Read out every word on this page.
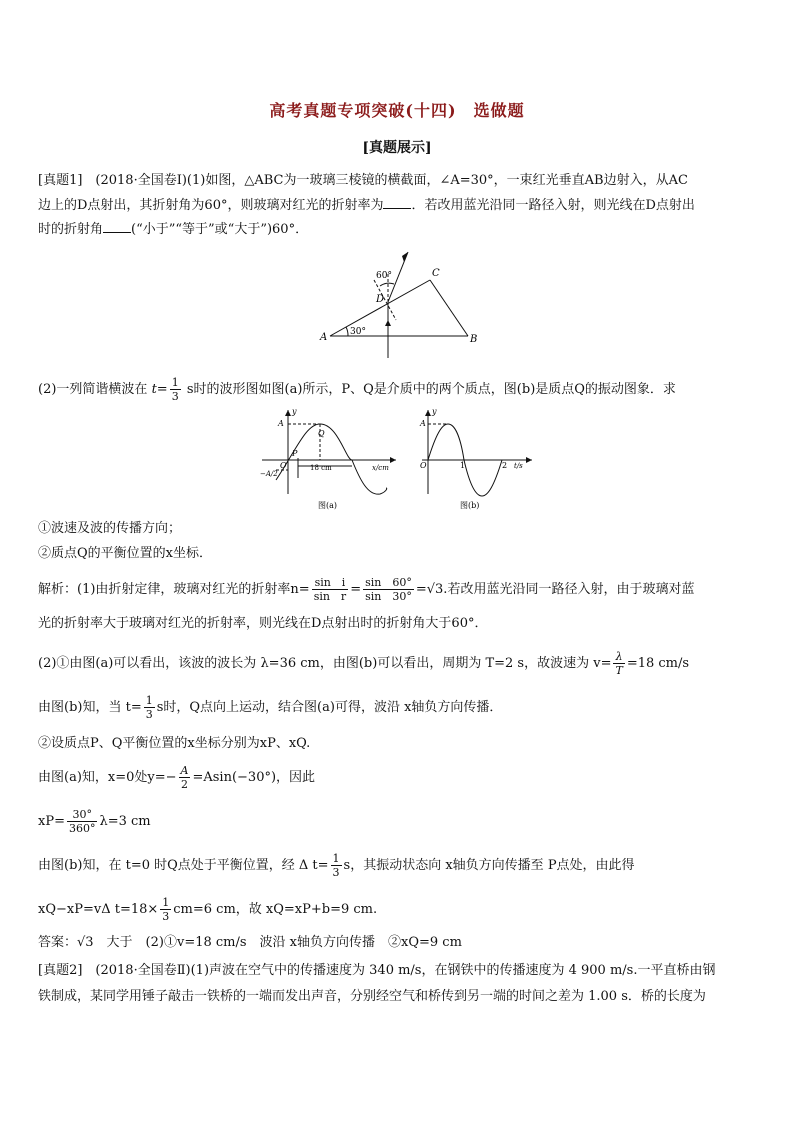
高考真题专项突破(十四)　选做题
[真题展示]
[真题1]　(2018·全国卷Ⅰ)(1)如图，△ABC为一玻璃三棱镜的横截面，∠A=30°，一束红光垂直AB边射入，从AC
边上的D点射出，其折射角为60°，则玻璃对红光的折射率为 ．若改用蓝光沿同一路径入射，则光线在D点射出
时的折射角 (“小于”“等于”或“大于”)60°．
60°
30°
A	B
C
D
(2)一列简谐横波在 $t= \frac{1}{3}$ s时的波形图如图(a)所示，P、Q是介质中的两个质点，图(b)是质点Q的振动图象．求
y
A
−A/2
O
P
Q
18 cm	x/cm
图(a)
y
A
O	1	2 t/s
图(b)
①波速及波的传播方向；
②质点Q的平衡位置的x坐标．
解析：(1)由折射定律，玻璃对红光的折射率$n= \frac{\text{sin　i}}{\text{sin　r}} = \frac{\sin 60^\circ}{\sin 30^\circ} =√3$.若改用蓝光沿同一路径入射，由于玻璃对蓝
光的折射率大于玻璃对红光的折射率，则光线在D点射出时的折射角大于60°．
(2)①由图(a)可以看出，该波的波长为 λ=36 cm，由图(b)可以看出，周期为 T=2 s，故波速为 $v= \frac{\lambda}{T} =18$ cm/s
由图(b)知，当 $t= \frac{1}{3}$ s时，Q点向上运动，结合图(a)可得，波沿 x轴负方向传播．
②设质点P、Q平衡位置的x坐标分别为xP、xQ.
由图(a)知，x=0处$y=- \frac{A}{2} =Asin(-30^\circ)$，因此
$xP= \frac{30^\circ}{360^\circ} \lambda=3$ cm
由图(b)知，在 t=0 时Q点处于平衡位置，经 Δ $t= \frac{1}{3}$ s，其振动状态向 x轴负方向传播至 P点处，由此得
xQ−xP=vΔ $t=18\times \frac{1}{3} cm=6$ cm，故 xQ=xP+b=9 cm.
答案：√3　大于　(2)①v=18 cm/s　波沿 x轴负方向传播　②xQ=9 cm
[真题2]　(2018·全国卷Ⅱ)(1)声波在空气中的传播速度为 340 m/s，在钢铁中的传播速度为 4 900 m/s.一平直桥由钢
铁制成，某同学用锤子敲击一铁桥的一端而发出声音，分别经空气和桥传到另一端的时间之差为 1.00 s．桥的长度为
